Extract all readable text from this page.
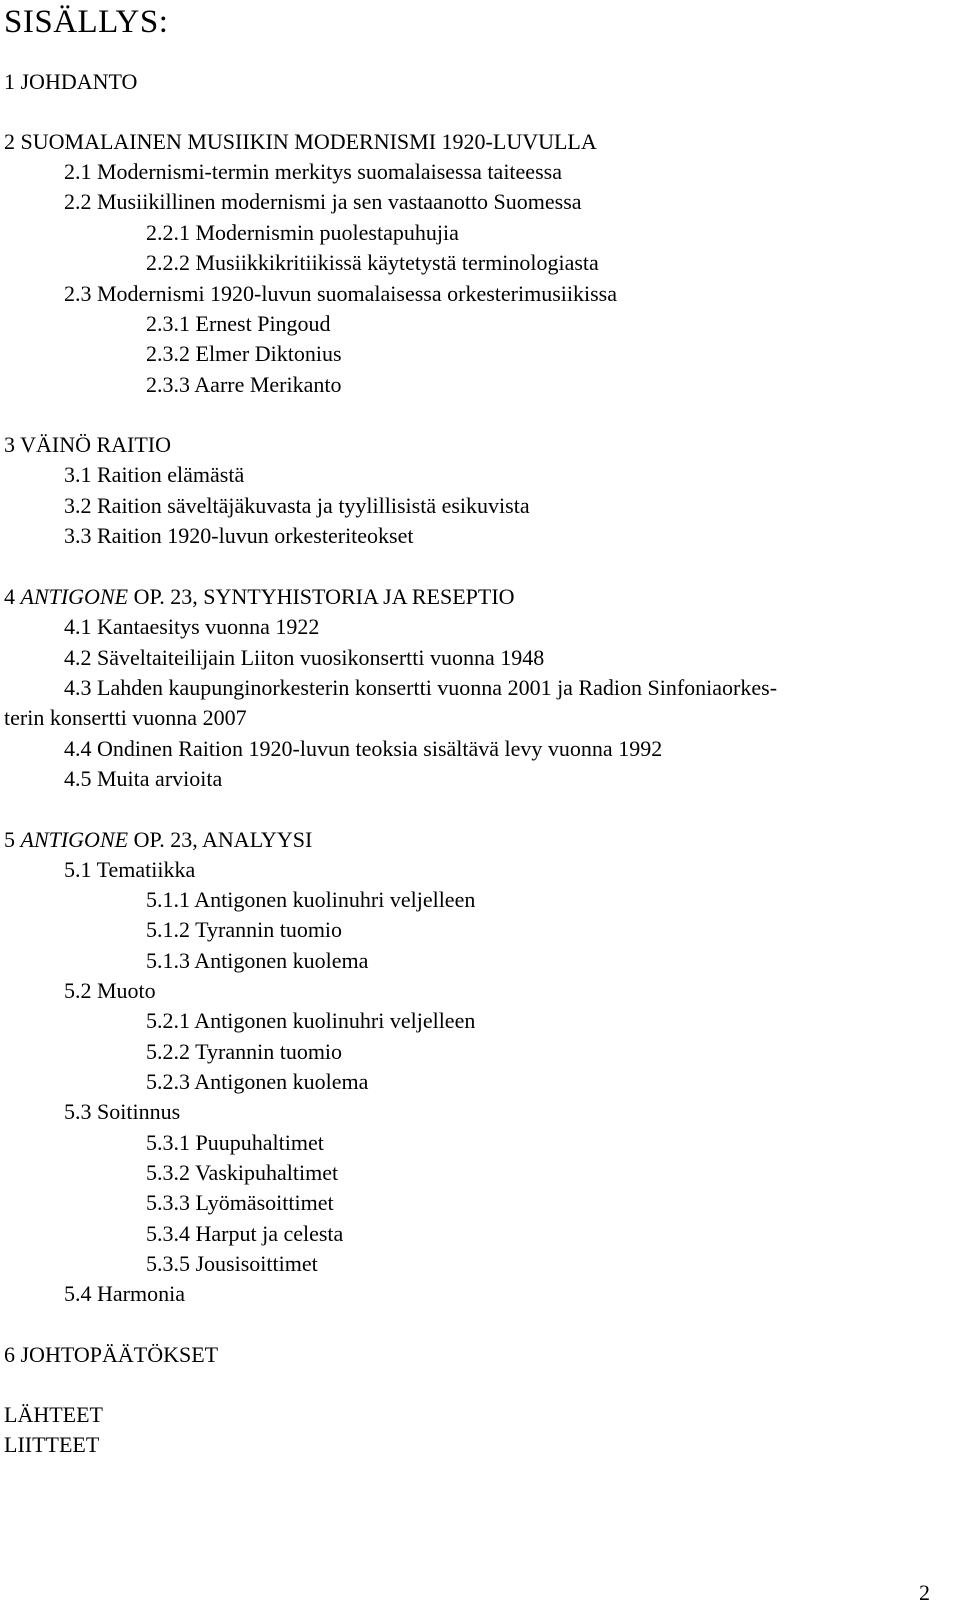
SISÄLLYS:
1 JOHDANTO
2 SUOMALAINEN MUSIIKIN MODERNISMI 1920-LUVULLA
2.1 Modernismi-termin merkitys suomalaisessa taiteessa
2.2 Musiikillinen modernismi ja sen vastaanotto Suomessa
2.2.1 Modernismin puolestapuhujia
2.2.2 Musiikkikritiikissä käytetystä terminologiasta
2.3 Modernismi 1920-luvun suomalaisessa orkesterimusiikissa
2.3.1 Ernest Pingoud
2.3.2 Elmer Diktonius
2.3.3 Aarre Merikanto
3 VÄINÖ RAITIO
3.1 Raition elämästä
3.2 Raition säveltäjäkuvasta ja tyylillisistä esikuvista
3.3 Raition 1920-luvun orkesteriteokset
4 ANTIGONE OP. 23, SYNTYHISTORIA JA RESEPTIO
4.1 Kantaesitys vuonna 1922
4.2 Säveltaiteilijain Liiton vuosikonsertti vuonna 1948
4.3 Lahden kaupunginorkesterin konsertti vuonna 2001 ja Radion Sinfoniaorkes-
terin konsertti vuonna 2007
4.4 Ondinen Raition 1920-luvun teoksia sisältävä levy vuonna 1992
4.5 Muita arvioita
5 ANTIGONE OP. 23, ANALYYSI
5.1 Tematiikka
5.1.1 Antigonen kuolinuhri veljelleen
5.1.2 Tyrannin tuomio
5.1.3 Antigonen kuolema
5.2 Muoto
5.2.1 Antigonen kuolinuhri veljelleen
5.2.2 Tyrannin tuomio
5.2.3 Antigonen kuolema
5.3 Soitinnus
5.3.1 Puupuhaltimet
5.3.2 Vaskipuhaltimet
5.3.3 Lyömäsoittimet
5.3.4 Harput ja celesta
5.3.5 Jousisoittimet
5.4 Harmonia
6 JOHTOPÄÄTÖKSET
LÄHTEET
LIITTEET
2
